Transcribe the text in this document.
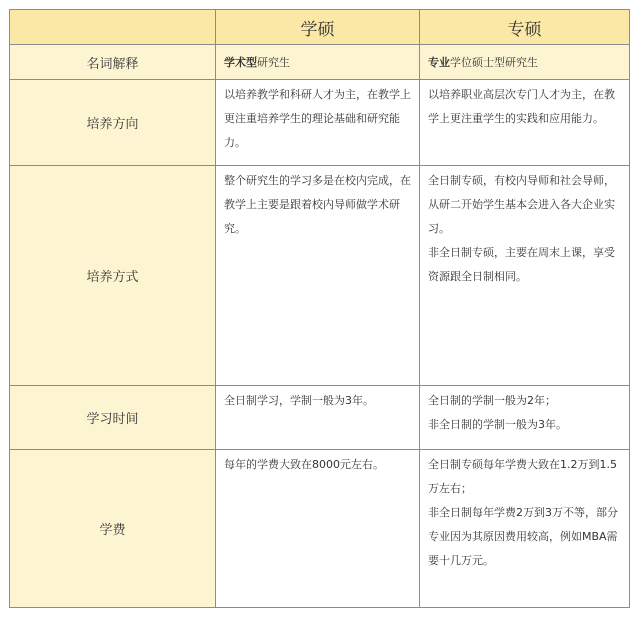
	学硕	专硕
名词解释	学术型研究生	专业学位硕士型研究生
培养方向	以培养教学和科研人才为主，在教学上更注重培养学生的理论基础和研究能力。	以培养职业高层次专门人才为主，在教学上更注重学生的实践和应用能力。

培养方式	整个研究生的学习多是在校内完成，在教学上主要是跟着校内导师做学术研究。	全日制专硕，有校内导师和社会导师，从研二开始学生基本会进入各大企业实习。
非全日制专硕，主要在周末上课，享受资源跟全日制相同。

学习时间	全日制学习，学制一般为3年。	全日制的学制一般为2年；
非全日制的学制一般为3年。

学费	每年的学费大致在8000元左右。	全日制专硕每年学费大致在1.2万到1.5万左右；
非全日制每年学费2万到3万不等，部分专业因为其原因费用较高，例如MBA需要十几万元。
